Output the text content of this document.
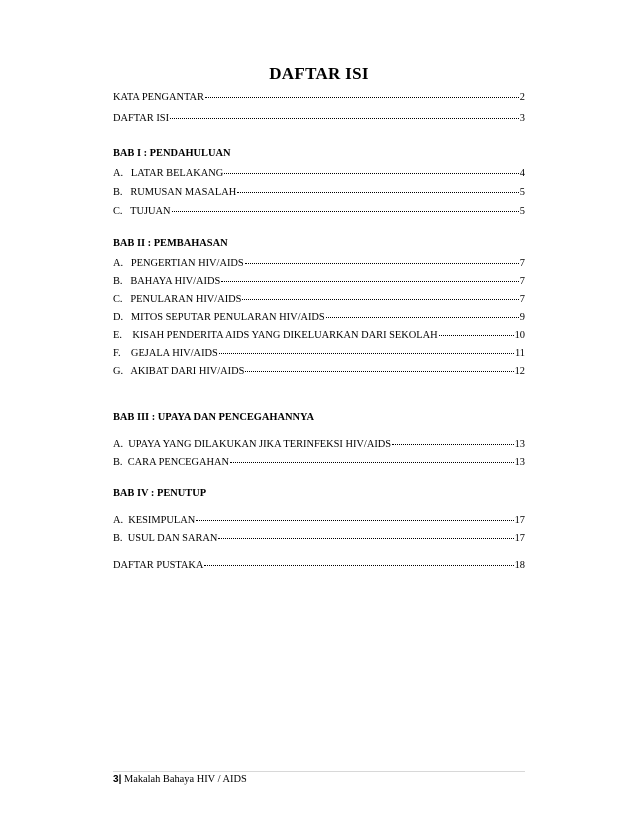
DAFTAR ISI
KATA PENGANTAR	2
DAFTAR ISI	3
BAB I : PENDAHULUAN
A.   LATAR BELAKANG	4
B.   RUMUSAN MASALAH	5
C.   TUJUAN	5
BAB II : PEMBAHASAN
A.   PENGERTIAN HIV/AIDS	7
B.   BAHAYA HIV/AIDS	7
C.   PENULARAN HIV/AIDS	7
D.   MITOS SEPUTAR PENULARAN HIV/AIDS	9
E.    KISAH PENDERITA AIDS YANG DIKELUARKAN DARI SEKOLAH	10
F.    GEJALA HIV/AIDS	11
G.   AKIBAT DARI HIV/AIDS	12
BAB III : UPAYA DAN PENCEGAHANNYA
A.  UPAYA YANG DILAKUKAN JIKA TERINFEKSI HIV/AIDS	13
B.  CARA PENCEGAHAN	13
BAB IV : PENUTUP
A.  KESIMPULAN	17
B.  USUL DAN SARAN	17
DAFTAR PUSTAKA	18
3| Makalah Bahaya HIV / AIDS
